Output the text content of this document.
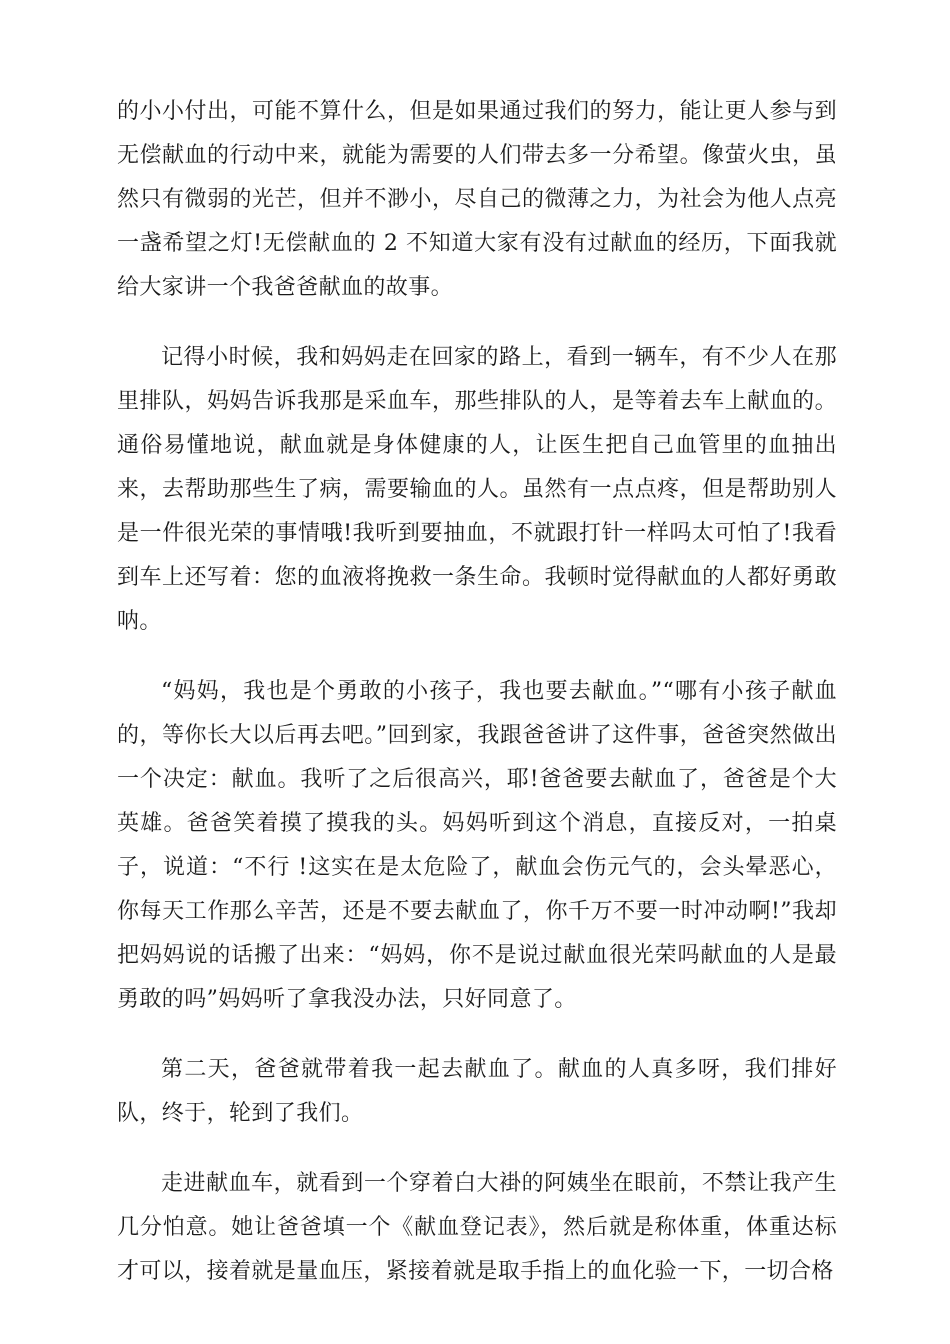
的小小付出，可能不算什么，但是如果通过我们的努力，能让更人参与到无偿献血的行动中来，就能为需要的人们带去多一分希望。像萤火虫，虽然只有微弱的光芒，但并不渺小，尽自己的微薄之力，为社会为他人点亮一盏希望之灯!无偿献血的 2 不知道大家有没有过献血的经历，下面我就给大家讲一个我爸爸献血的故事。

记得小时候，我和妈妈走在回家的路上，看到一辆车，有不少人在那里排队，妈妈告诉我那是采血车，那些排队的人，是等着去车上献血的。通俗易懂地说，献血就是身体健康的人，让医生把自己血管里的血抽出来，去帮助那些生了病，需要输血的人。虽然有一点点疼，但是帮助别人是一件很光荣的事情哦!我听到要抽血，不就跟打针一样吗太可怕了!我看到车上还写着：您的血液将挽救一条生命。我顿时觉得献血的人都好勇敢呐。

“妈妈，我也是个勇敢的小孩子，我也要去献血。”“哪有小孩子献血的，等你长大以后再去吧。”回到家，我跟爸爸讲了这件事，爸爸突然做出一个决定：献血。我听了之后很高兴，耶!爸爸要去献血了，爸爸是个大英雄。爸爸笑着摸了摸我的头。妈妈听到这个消息，直接反对，一拍桌子，说道：“不行 !这实在是太危险了，献血会伤元气的，会头晕恶心，你每天工作那么辛苦，还是不要去献血了，你千万不要一时冲动啊!”我却把妈妈说的话搬了出来：“妈妈，你不是说过献血很光荣吗献血的人是最勇敢的吗”妈妈听了拿我没办法，只好同意了。

第二天，爸爸就带着我一起去献血了。献血的人真多呀，我们排好队，终于，轮到了我们。

走进献血车，就看到一个穿着白大褂的阿姨坐在眼前，不禁让我产生几分怕意。她让爸爸填一个《献血登记表》，然后就是称体重，体重达标才可以，接着就是量血压，紧接着就是取手指上的血化验一下，一切合格
